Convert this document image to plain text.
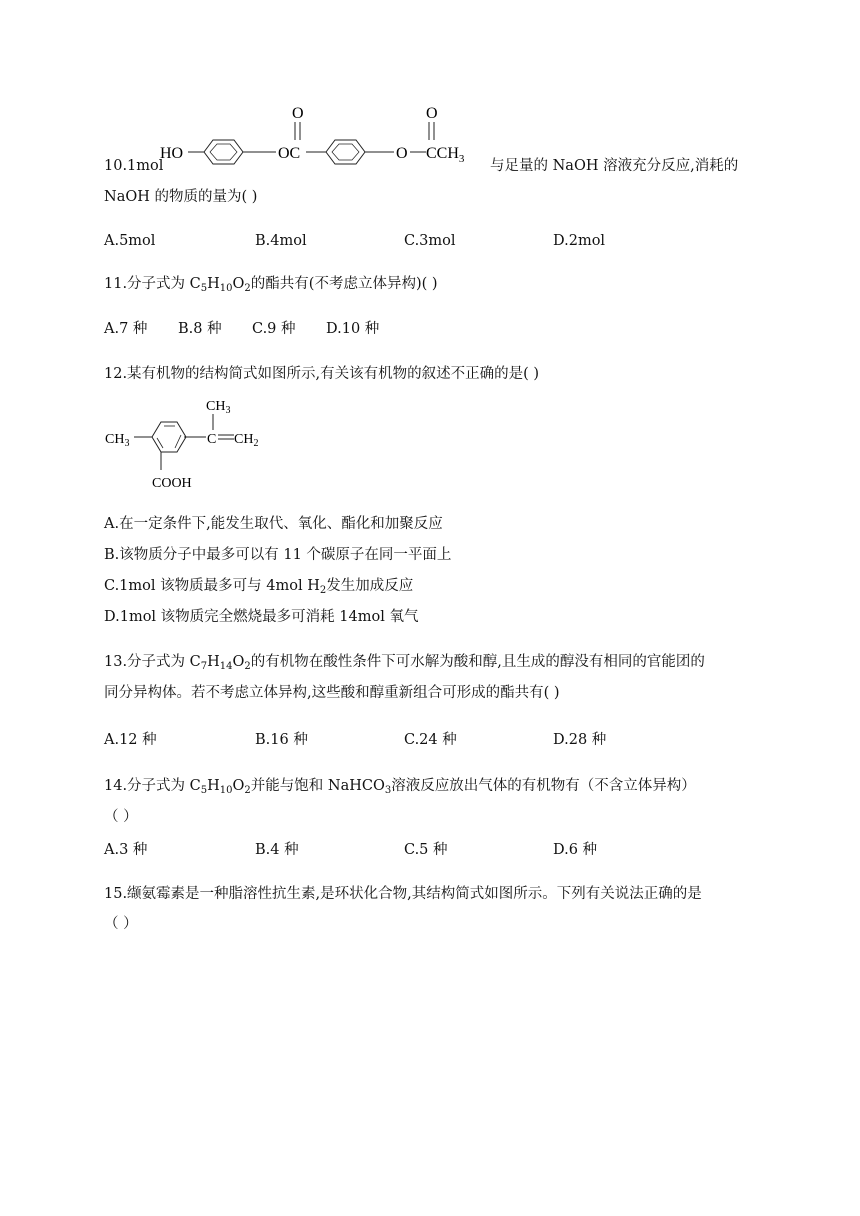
10.1mol
HO
O
OC	O
O
$CCH_3$ 与足量的 NaOH 溶液充分反应,消耗的
NaOH 的物质的量为( )
A.5mol	B.4mol	C.3mol	D.2mol
11.分子式为 $C_5H_{10}O_2$的酯共有(不考虑立体异构)( )
A.7 种 B.8 种 C.9 种 D.10 种
12.某有机物的结构简式如图所示,有关该有机物的叙述不正确的是( )
$CH_3$
C $CH_2$
$CH_3$
COOH
A.在一定条件下,能发生取代、氧化、酯化和加聚反应
B.该物质分子中最多可以有 11 个碳原子在同一平面上
C.1mol 该物质最多可与 4mol $H_2$发生加成反应
D.1mol 该物质完全燃烧最多可消耗 14mol 氧气
13.分子式为 $C_7H_{14}O_2$的有机物在酸性条件下可水解为酸和醇,且生成的醇没有相同的官能团的
同分异构体。若不考虑立体异构,这些酸和醇重新组合可形成的酯共有( )
A.12 种	B.16 种	C.24 种	D.28 种
14.分子式为 $C_5H_{10}O_2$并能与饱和 NaHCO$_3$溶液反应放出气体的有机物有（不含立体异构）
（ ）
A.3 种	B.4 种	C.5 种	D.6 种
15.缬氨霉素是一种脂溶性抗生素,是环状化合物,其结构简式如图所示。下列有关说法正确的是
（ ）
